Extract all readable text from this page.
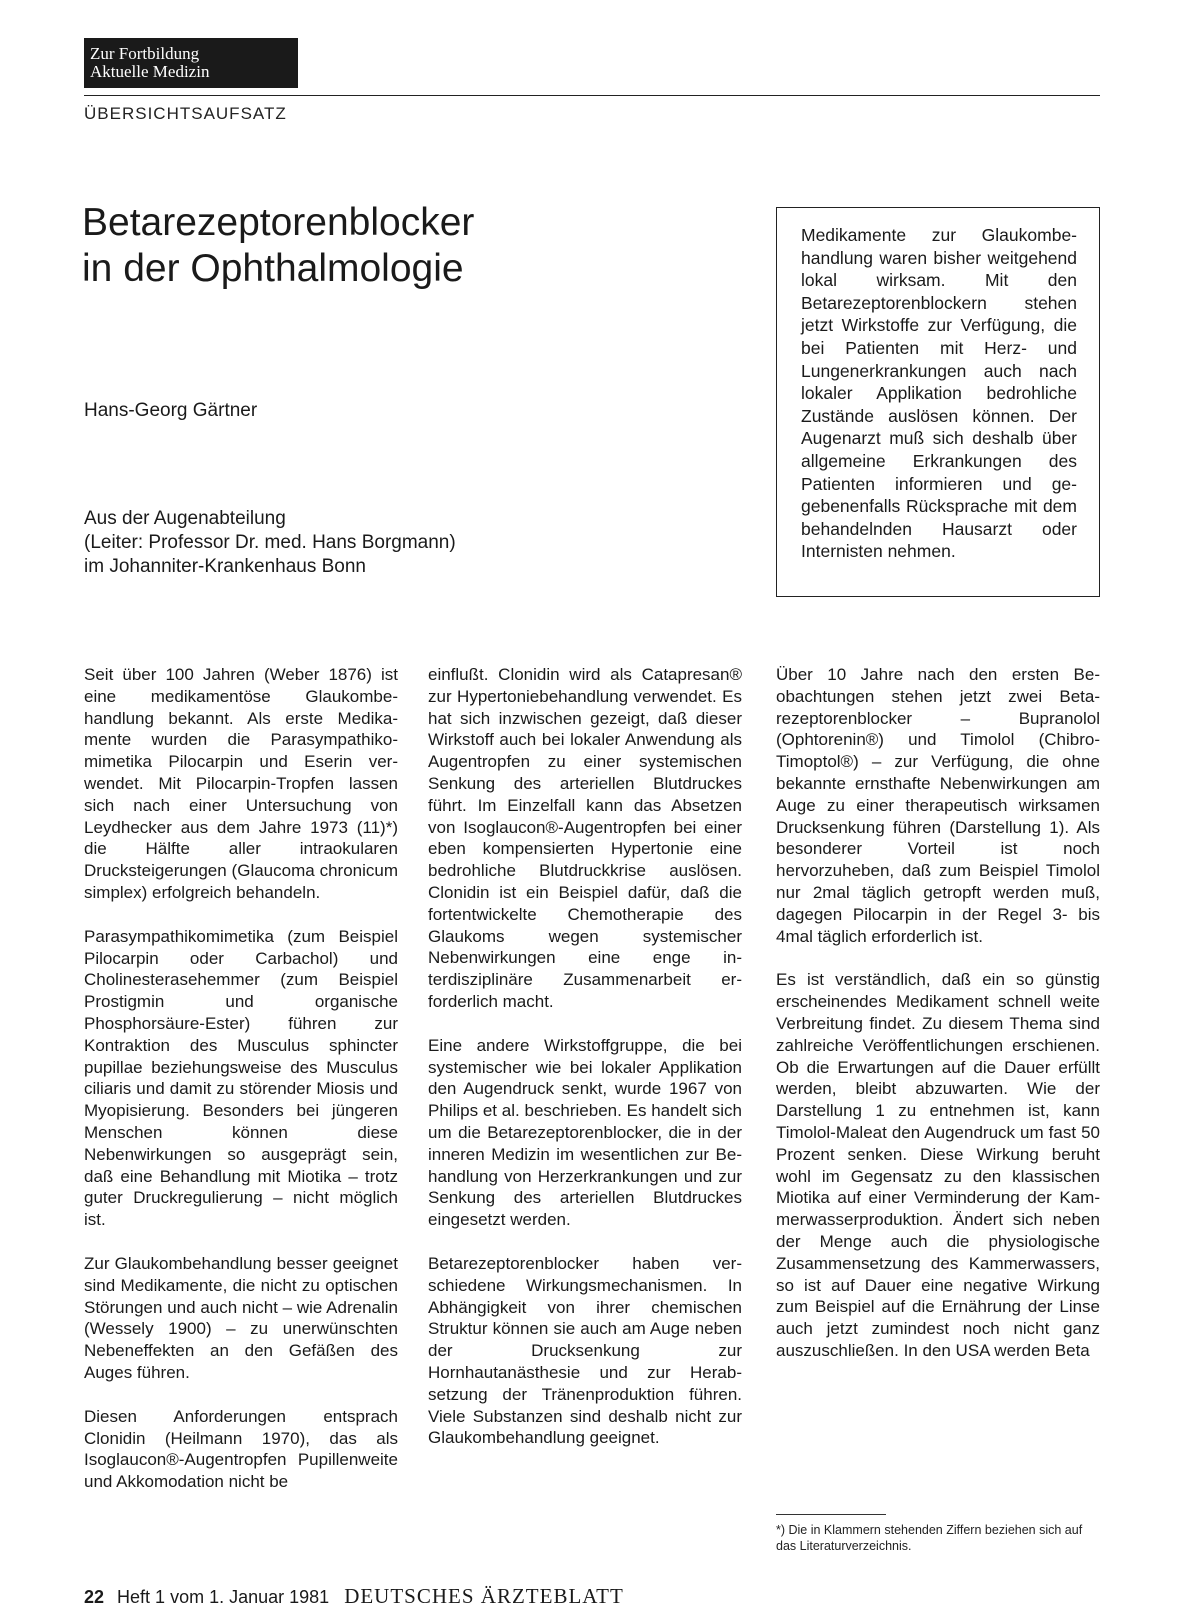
Zur Fortbildung
Aktuelle Medizin
ÜBERSICHTSAUFSATZ
Betarezeptorenblocker
in der Ophthalmologie
Hans-Georg Gärtner
Aus der Augenabteilung
(Leiter: Professor Dr. med. Hans Borgmann)
im Johanniter-Krankenhaus Bonn
Medikamente zur Glaukombehandlung waren bisher weitgehend lokal wirksam. Mit den Betarezeptorenblockern stehen jetzt Wirkstoffe zur Verfügung, die bei Patienten mit Herz- und Lungenerkrankungen auch nach lokaler Applikation bedrohliche Zustände auslösen können. Der Augenarzt muß sich deshalb über allgemeine Erkrankungen des Patienten informieren und gegebenenfalls Rücksprache mit dem behandelnden Hausarzt oder Internisten nehmen.

Seit über 100 Jahren (Weber 1876) ist eine medikamentöse Glaukombehandlung bekannt. Als erste Medikamente wurden die Parasympathikomimetika Pilocarpin und Eserin verwendet. Mit Pilocarpin-Tropfen lassen sich nach einer Untersuchung von Leydhecker aus dem Jahre 1973 (11)*) die Hälfte aller intraokularen Drucksteigerungen (Glaucoma chronicum simplex) erfolgreich behandeln.

Parasympathikomimetika (zum Beispiel Pilocarpin oder Carbachol) und Cholinesterasehemmer (zum Beispiel Prostigmin und organische Phosphorsäure-Ester) führen zur Kontraktion des Musculus sphincter pupillae beziehungsweise des Musculus ciliaris und damit zu störender Miosis und Myopisierung. Besonders bei jüngeren Menschen können diese Nebenwirkungen so ausgeprägt sein, daß eine Behandlung mit Miotika – trotz guter Druckregulierung – nicht möglich ist.

Zur Glaukombehandlung besser geeignet sind Medikamente, die nicht zu optischen Störungen und auch nicht – wie Adrenalin (Wessely 1900) – zu unerwünschten Nebeneffekten an den Gefäßen des Auges führen.

Diesen Anforderungen entsprach Clonidin (Heilmann 1970), das als Isoglaucon®-Augentropfen Pupillenweite und Akkomodation nicht be

einflußt. Clonidin wird als Catapresan® zur Hypertoniebehandlung verwendet. Es hat sich inzwischen gezeigt, daß dieser Wirkstoff auch bei lokaler Anwendung als Augentropfen zu einer systemischen Senkung des arteriellen Blutdruckes führt. Im Einzelfall kann das Absetzen von Isoglaucon®-Augentropfen bei einer eben kompensierten Hypertonie eine bedrohliche Blutdruckkrise auslösen. Clonidin ist ein Beispiel dafür, daß die fortentwickelte Chemotherapie des Glaukoms wegen systemischer Nebenwirkungen eine enge interdisziplinäre Zusammenarbeit erforderlich macht.

Eine andere Wirkstoffgruppe, die bei systemischer wie bei lokaler Applikation den Augendruck senkt, wurde 1967 von Philips et al. beschrieben. Es handelt sich um die Betarezeptorenblocker, die in der inneren Medizin im wesentlichen zur Behandlung von Herzerkrankungen und zur Senkung des arteriellen Blutdruckes eingesetzt werden.

Betarezeptorenblocker haben verschiedene Wirkungsmechanismen. In Abhängigkeit von ihrer chemischen Struktur können sie auch am Auge neben der Drucksenkung zur Hornhautanästhesie und zur Herabsetzung der Tränenproduktion führen. Viele Substanzen sind deshalb nicht zur Glaukombehandlung geeignet.

Über 10 Jahre nach den ersten Beobachtungen stehen jetzt zwei Betarezeptorenblocker – Bupranolol (Ophtorenin®) und Timolol (Chibro-Timoptol®) – zur Verfügung, die ohne bekannte ernsthafte Nebenwirkungen am Auge zu einer therapeutisch wirksamen Drucksenkung führen (Darstellung 1). Als besonderer Vorteil ist noch hervorzuheben, daß zum Beispiel Timolol nur 2mal täglich getropft werden muß, dagegen Pilocarpin in der Regel 3- bis 4mal täglich erforderlich ist.

Es ist verständlich, daß ein so günstig erscheinendes Medikament schnell weite Verbreitung findet. Zu diesem Thema sind zahlreiche Veröffentlichungen erschienen. Ob die Erwartungen auf die Dauer erfüllt werden, bleibt abzuwarten. Wie der Darstellung 1 zu entnehmen ist, kann Timolol-Maleat den Augendruck um fast 50 Prozent senken. Diese Wirkung beruht wohl im Gegensatz zu den klassischen Miotika auf einer Verminderung der Kammerwasserproduktion. Ändert sich neben der Menge auch die physiologische Zusammensetzung des Kammerwassers, so ist auf Dauer eine negative Wirkung zum Beispiel auf die Ernährung der Linse auch jetzt zumindest noch nicht ganz auszuschließen. In den USA werden Beta

*) Die in Klammern stehenden Ziffern beziehen sich auf das Literaturverzeichnis.
22 Heft 1 vom 1. Januar 1981 DEUTSCHES ÄRZTEBLATT
